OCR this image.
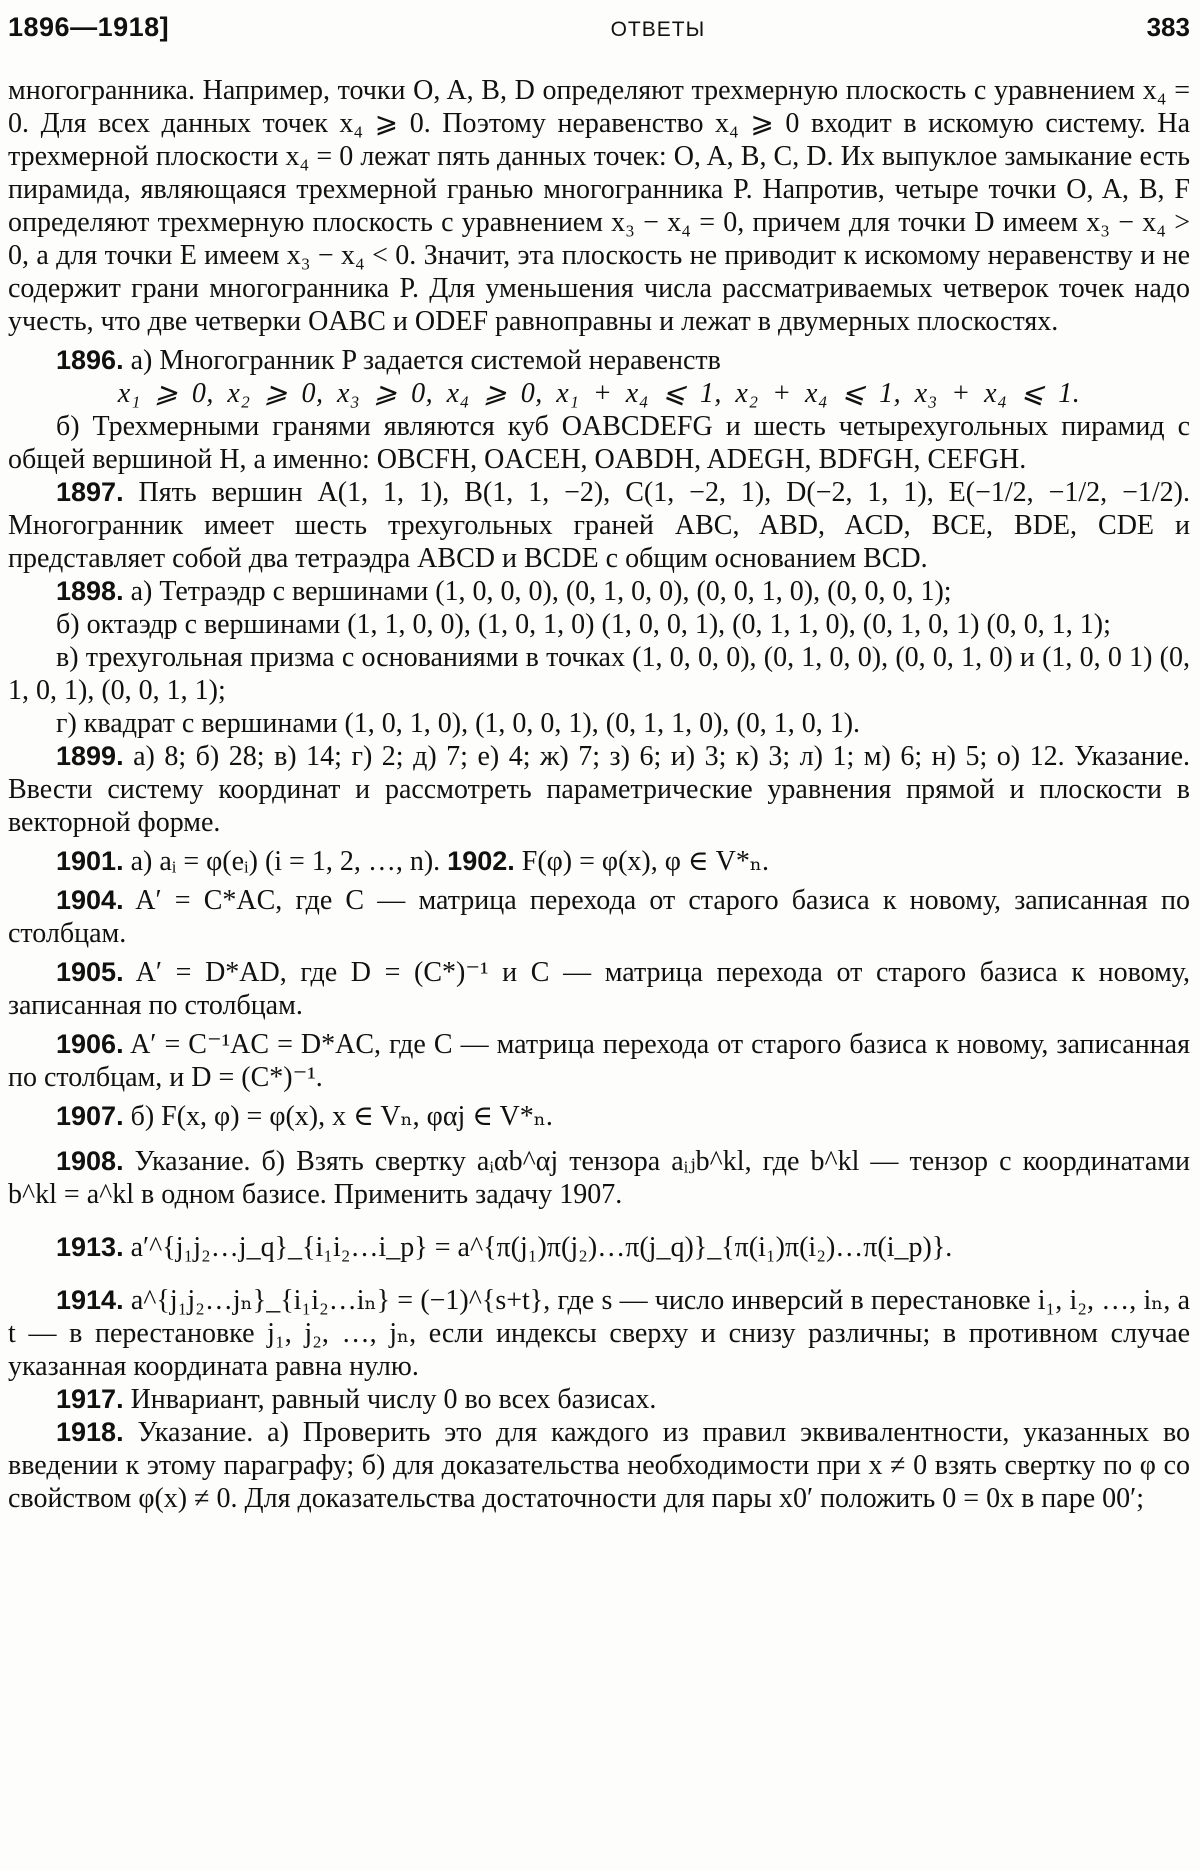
1896—1918]	ОТВЕТЫ	383

многогранника. Например, точки O, A, B, D определяют трехмерную плоскость с уравнением x₄ = 0. Для всех данных точек x₄ ⩾ 0. Поэтому неравенство x₄ ⩾ 0 входит в искомую систему. На трехмерной плоскости x₄ = 0 лежат пять данных точек: O, A, B, C, D. Их выпуклое замыкание есть пирамида, являющаяся трехмерной гранью многогранника P. Напротив, четыре точки O, A, B, F определяют трехмерную плоскость с уравнением x₃ − x₄ = 0, причем для точки D имеем x₃ − x₄ > 0, а для точки E имеем x₃ − x₄ < 0. Значит, эта плоскость не приводит к искомому неравенству и не содержит грани многогранника P. Для уменьшения числа рассматриваемых четверок точек надо учесть, что две четверки OABC и ODEF равноправны и лежат в двумерных плоскостях.

1896. а) Многогранник P задается системой неравенств

x₁ ⩾ 0, x₂ ⩾ 0, x₃ ⩾ 0, x₄ ⩾ 0, x₁ + x₄ ⩽ 1, x₂ + x₄ ⩽ 1, x₃ + x₄ ⩽ 1.

б) Трехмерными гранями являются куб OABCDEFG и шесть четырехугольных пирамид с общей вершиной H, а именно: OBCFH, OACEH, OABDH, ADEGH, BDFGH, CEFGH.

1897. Пять вершин A(1, 1, 1), B(1, 1, −2), C(1, −2, 1), D(−2, 1, 1), E(−1/2, −1/2, −1/2). Многогранник имеет шесть трехугольных граней ABC, ABD, ACD, BCE, BDE, CDE и представляет собой два тетраэдра ABCD и BCDE с общим основанием BCD.

1898. а) Тетраэдр с вершинами (1, 0, 0, 0), (0, 1, 0, 0), (0, 0, 1, 0), (0, 0, 0, 1);

б) октаэдр с вершинами (1, 1, 0, 0), (1, 0, 1, 0) (1, 0, 0, 1), (0, 1, 1, 0), (0, 1, 0, 1) (0, 0, 1, 1);

в) трехугольная призма с основаниями в точках (1, 0, 0, 0), (0, 1, 0, 0), (0, 0, 1, 0) и (1, 0, 0 1) (0, 1, 0, 1), (0, 0, 1, 1);

г) квадрат с вершинами (1, 0, 1, 0), (1, 0, 0, 1), (0, 1, 1, 0), (0, 1, 0, 1).

1899. а) 8; б) 28; в) 14; г) 2; д) 7; е) 4; ж) 7; з) 6; и) 3; к) 3; л) 1; м) 6; н) 5; о) 12. Указание. Ввести систему координат и рассмотреть параметрические уравнения прямой и плоскости в векторной форме.

1901. а) aᵢ = φ(eᵢ) (i = 1, 2, …, n). 1902. F(φ) = φ(x), φ ∈ V*ₙ.

1904. A′ = C*AC, где C — матрица перехода от старого базиса к новому, записанная по столбцам.

1905. A′ = D*AD, где D = (C*)⁻¹ и C — матрица перехода от старого базиса к новому, записанная по столбцам.

1906. A′ = C⁻¹AC = D*AC, где C — матрица перехода от старого базиса к новому, записанная по столбцам, и D = (C*)⁻¹.

1907. б) F(x, φ) = φ(x), x ∈ Vₙ, φαj ∈ V*ₙ.

1908. Указание. б) Взять свертку aᵢαb^αj тензора aᵢⱼb^kl, где b^kl — тензор с координатами b^kl = a^kl в одном базисе. Применить задачу 1907.

1913. a′^{j₁j₂…j_q}_{i₁i₂…i_p} = a^{π(j₁)π(j₂)…π(j_q)}_{π(i₁)π(i₂)…π(i_p)}.

1914. a^{j₁j₂…jₙ}_{i₁i₂…iₙ} = (−1)^{s+t}, где s — число инверсий в перестановке i₁, i₂, …, iₙ, а t — в перестановке j₁, j₂, …, jₙ, если индексы сверху и снизу различны; в противном случае указанная координата равна нулю.

1917. Инвариант, равный числу 0 во всех базисах.

1918. Указание. а) Проверить это для каждого из правил эквивалентности, указанных во введении к этому параграфу; б) для доказательства необходимости при x ≠ 0 взять свертку по φ со свойством φ(x) ≠ 0. Для доказательства достаточности для пары x0′ положить 0 = 0x в паре 00′;
